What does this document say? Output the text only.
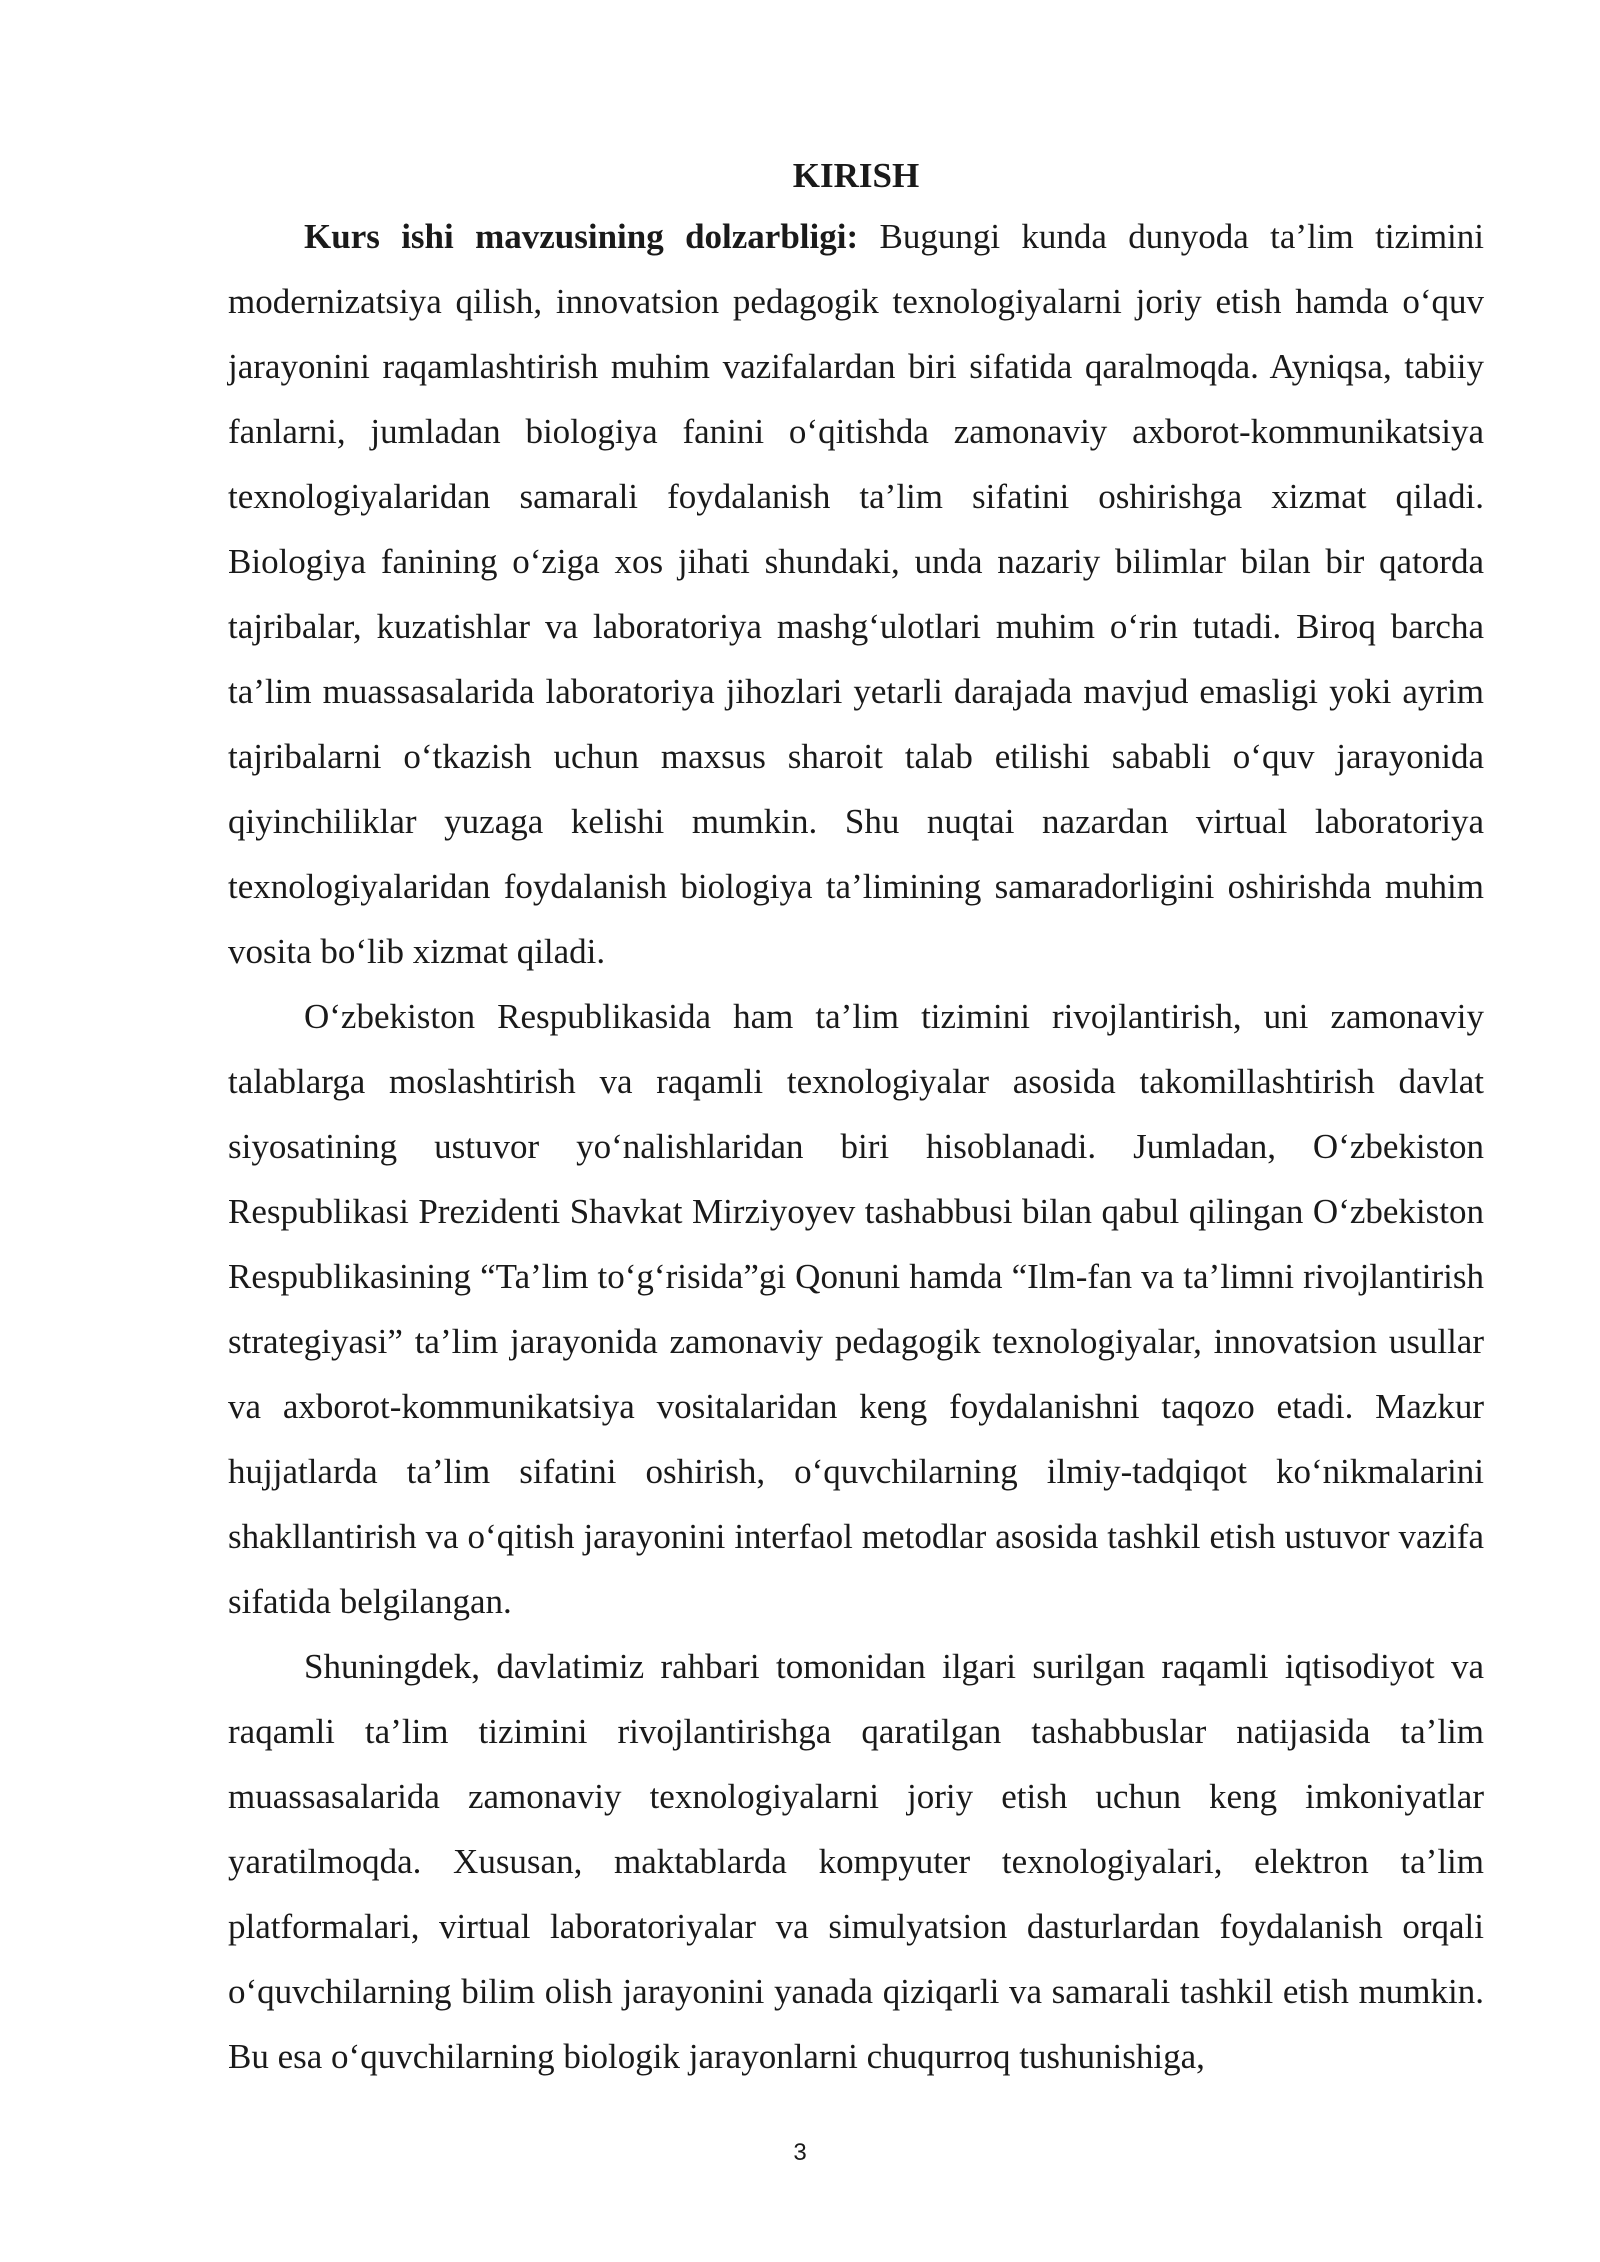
KIRISH

Kurs ishi mavzusining dolzarbligi: Bugungi kunda dunyoda ta’lim tizimini modernizatsiya qilish, innovatsion pedagogik texnologiyalarni joriy etish hamda o‘quv jarayonini raqamlashtirish muhim vazifalardan biri sifatida qaralmoqda. Ayniqsa, tabiiy fanlarni, jumladan biologiya fanini o‘qitishda zamonaviy axborot-kommunikatsiya texnologiyalaridan samarali foydalanish ta’lim sifatini oshirishga xizmat qiladi. Biologiya fanining o‘ziga xos jihati shundaki, unda nazariy bilimlar bilan bir qatorda tajribalar, kuzatishlar va laboratoriya mashg‘ulotlari muhim o‘rin tutadi. Biroq barcha ta’lim muassasalarida laboratoriya jihozlari yetarli darajada mavjud emasligi yoki ayrim tajribalarni o‘tkazish uchun maxsus sharoit talab etilishi sababli o‘quv jarayonida qiyinchiliklar yuzaga kelishi mumkin. Shu nuqtai nazardan virtual laboratoriya texnologiyalaridan foydalanish biologiya ta’limining samaradorligini oshirishda muhim vosita bo‘lib xizmat qiladi.

O‘zbekiston Respublikasida ham ta’lim tizimini rivojlantirish, uni zamonaviy talablarga moslashtirish va raqamli texnologiyalar asosida takomillashtirish davlat siyosatining ustuvor yo‘nalishlaridan biri hisoblanadi. Jumladan, O‘zbekiston Respublikasi Prezidenti Shavkat Mirziyoyev tashabbusi bilan qabul qilingan O‘zbekiston Respublikasining “Ta’lim to‘g‘risida”gi Qonuni hamda “Ilm-fan va ta’limni rivojlantirish strategiyasi” ta’lim jarayonida zamonaviy pedagogik texnologiyalar, innovatsion usullar va axborot-kommunikatsiya vositalaridan keng foydalanishni taqozo etadi. Mazkur hujjatlarda ta’lim sifatini oshirish, o‘quvchilarning ilmiy-tadqiqot ko‘nikmalarini shakllantirish va o‘qitish jarayonini interfaol metodlar asosida tashkil etish ustuvor vazifa sifatida belgilangan.

Shuningdek, davlatimiz rahbari tomonidan ilgari surilgan raqamli iqtisodiyot va raqamli ta’lim tizimini rivojlantirishga qaratilgan tashabbuslar natijasida ta’lim muassasalarida zamonaviy texnologiyalarni joriy etish uchun keng imkoniyatlar yaratilmoqda. Xususan, maktablarda kompyuter texnologiyalari, elektron ta’lim platformalari, virtual laboratoriyalar va simulyatsion dasturlardan foydalanish orqali o‘quvchilarning bilim olish jarayonini yanada qiziqarli va samarali tashkil etish mumkin. Bu esa o‘quvchilarning biologik jarayonlarni chuqurroq tushunishiga,

3
